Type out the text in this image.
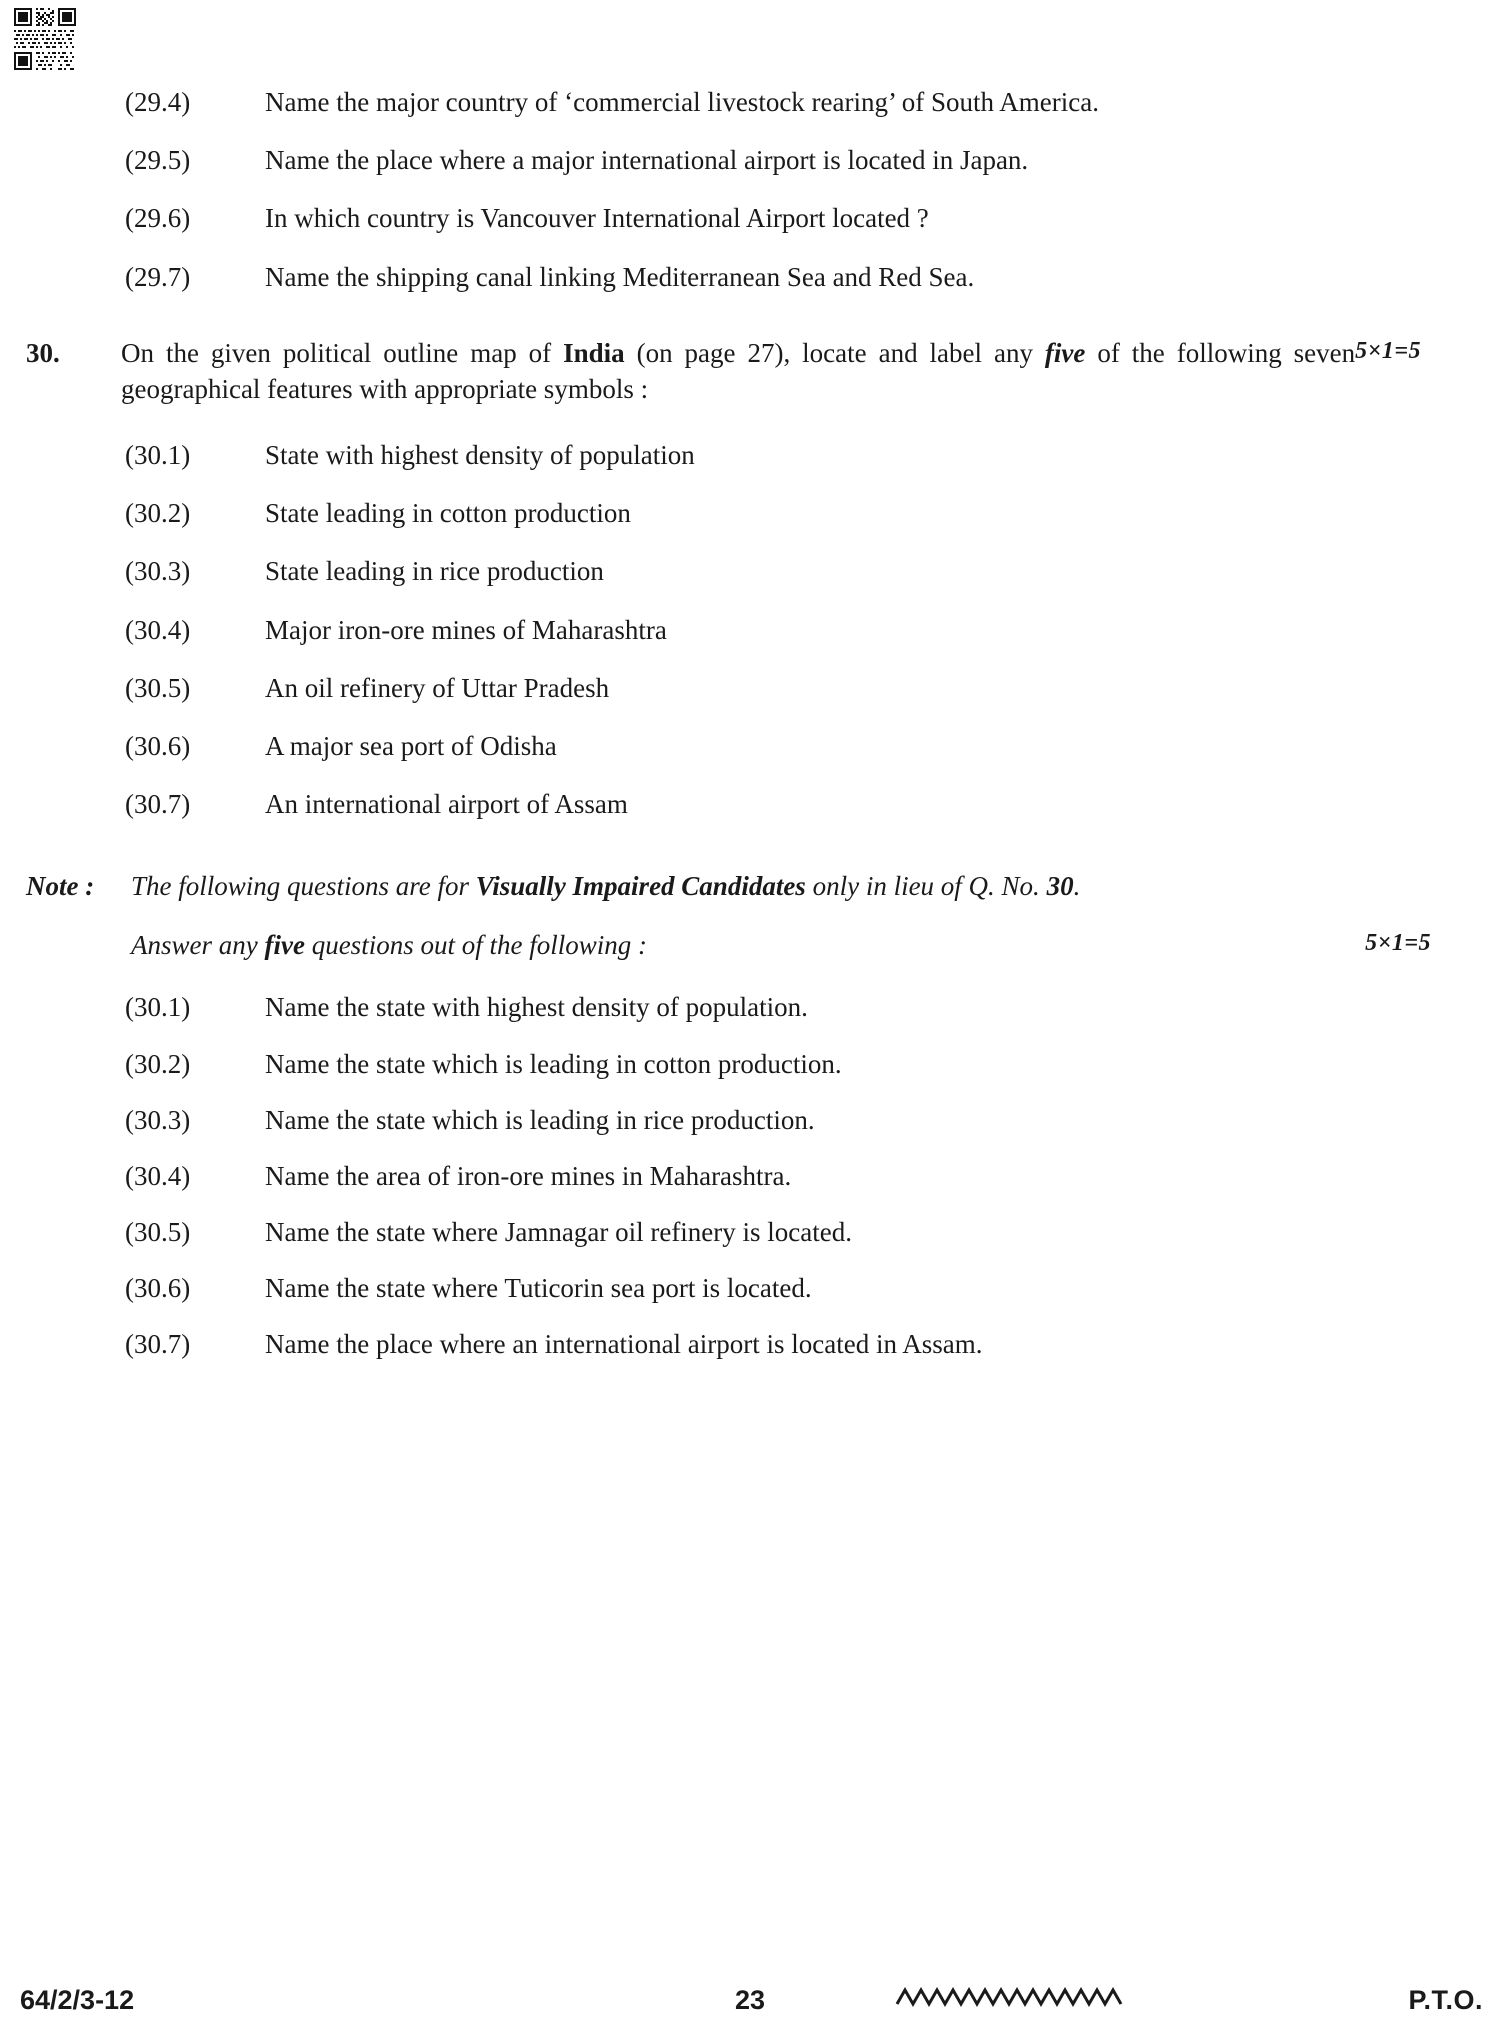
(29.4)	Name the major country of ‘commercial livestock rearing’ of South America.
(29.5)	Name the place where a major international airport is located in Japan.
(29.6)	In which country is Vancouver International Airport located ?
(29.7)	Name the shipping canal linking Mediterranean Sea and Red Sea.
30.	5×1=5
On the given political outline map of India (on page 27), locate and label any five of the following seven geographical features with appropriate symbols :
(30.1)	State with highest density of population
(30.2)	State leading in cotton production
(30.3)	State leading in rice production
(30.4)	Major iron-ore mines of Maharashtra
(30.5)	An oil refinery of Uttar Pradesh
(30.6)	A major sea port of Odisha
(30.7)	An international airport of Assam
Note :	The following questions are for Visually Impaired Candidates only in lieu of Q. No. 30.
5×1=5
Answer any five questions out of the following :
(30.1)	Name the state with highest density of population.
(30.2)	Name the state which is leading in cotton production.
(30.3)	Name the state which is leading in rice production.
(30.4)	Name the area of iron-ore mines in Maharashtra.
(30.5)	Name the state where Jamnagar oil refinery is located.
(30.6)	Name the state where Tuticorin sea port is located.
(30.7)	Name the place where an international airport is located in Assam.
64/2/3-12	23	P.T.O.
